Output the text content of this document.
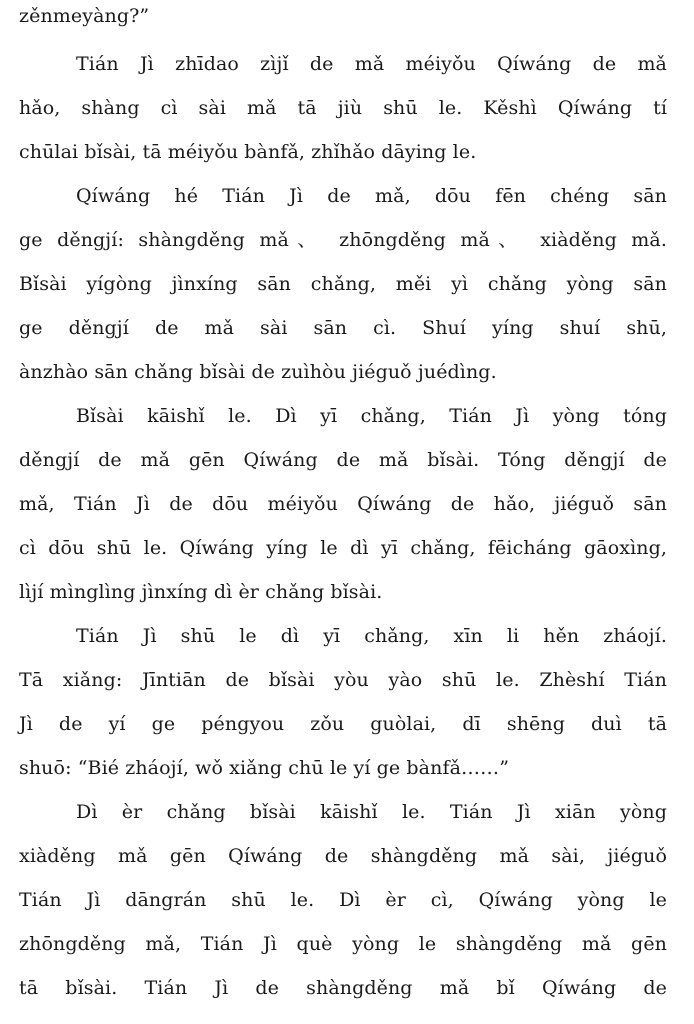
zěnmeyàng?”
Tián Jì zhīdao zìjǐ de mǎ méiyǒu Qíwáng de mǎ
hǎo, shàng cì sài mǎ tā jiù shū le. Kěshì Qíwáng tí
chūlai bǐsài, tā méiyǒu bànfǎ, zhǐhǎo dāying le.
Qíwáng hé Tián Jì de mǎ, dōu fēn chéng sān
ge děngjí: shàngděng mǎ、 zhōngděng mǎ、 xiàděng mǎ.
Bǐsài yígòng jìnxíng sān chǎng, měi yì chǎng yòng sān
ge děngjí de mǎ sài sān cì. Shuí yíng shuí shū,
ànzhào sān chǎng bǐsài de zuìhòu jiéguǒ juédìng.
Bǐsài kāishǐ le. Dì yī chǎng, Tián Jì yòng tóng
děngjí de mǎ gēn Qíwáng de mǎ bǐsài. Tóng děngjí de
mǎ, Tián Jì de dōu méiyǒu Qíwáng de hǎo, jiéguǒ sān
cì dōu shū le. Qíwáng yíng le dì yī chǎng, fēicháng gāoxìng,
lìjí mìnglìng jìnxíng dì èr chǎng bǐsài.
Tián Jì shū le dì yī chǎng, xīn li hěn zháojí.
Tā xiǎng: Jīntiān de bǐsài yòu yào shū le. Zhèshí Tián
Jì de yí ge péngyou zǒu guòlai, dī shēng duì tā
shuō: “Bié zháojí, wǒ xiǎng chū le yí ge bànfǎ……”
Dì èr chǎng bǐsài kāishǐ le. Tián Jì xiān yòng
xiàděng mǎ gēn Qíwáng de shàngděng mǎ sài, jiéguǒ
Tián Jì dāngrán shū le. Dì èr cì, Qíwáng yòng le
zhōngděng mǎ, Tián Jì què yòng le shàngděng mǎ gēn
tā bǐsài. Tián Jì de shàngděng mǎ bǐ Qíwáng de
